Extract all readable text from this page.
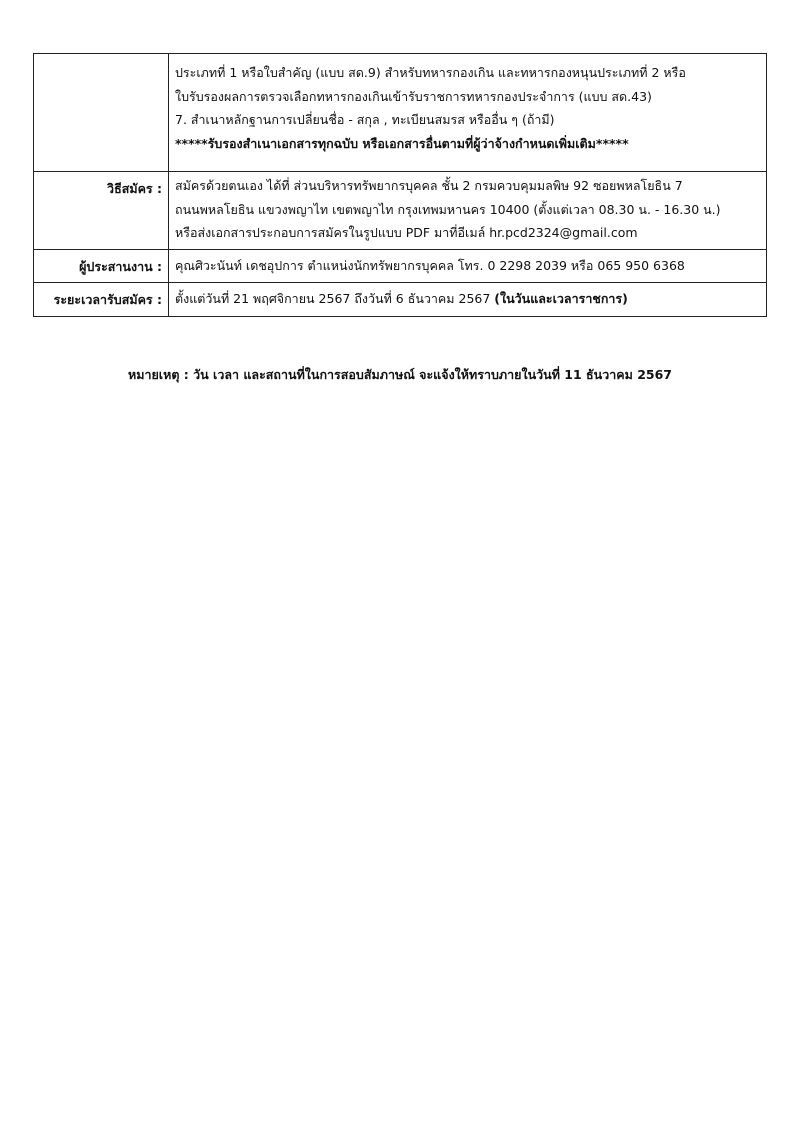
	ประเภทที่ 1 หรือใบสำคัญ (แบบ สด.9) สำหรับทหารกองเกิน และทหารกองหนุนประเภทที่ 2 หรือ
ใบรับรองผลการตรวจเลือกทหารกองเกินเข้ารับราชการทหารกองประจำการ (แบบ สด.43)
7. สำเนาหลักฐานการเปลี่ยนชื่อ - สกุล , ทะเบียนสมรส หรืออื่น ๆ (ถ้ามี)
*****รับรองสำเนาเอกสารทุกฉบับ หรือเอกสารอื่นตามที่ผู้ว่าจ้างกำหนดเพิ่มเติม*****

วิธีสมัคร :	สมัครด้วยตนเอง ได้ที่ ส่วนบริหารทรัพยากรบุคคล ชั้น 2 กรมควบคุมมลพิษ 92 ซอยพหลโยธิน 7
ถนนพหลโยธิน แขวงพญาไท เขตพญาไท กรุงเทพมหานคร 10400 (ตั้งแต่เวลา 08.30 น. - 16.30 น.)
หรือส่งเอกสารประกอบการสมัครในรูปแบบ PDF มาที่อีเมล์ hr.pcd2324@gmail.com

ผู้ประสานงาน :	คุณศิวะนันท์ เดชอุปการ ตำแหน่งนักทรัพยากรบุคคล โทร. 0 2298 2039 หรือ 065 950 6368

ระยะเวลารับสมัคร :	ตั้งแต่วันที่ 21 พฤศจิกายน 2567 ถึงวันที่ 6 ธันวาคม 2567 (ในวันและเวลาราชการ)
หมายเหตุ : วัน เวลา และสถานที่ในการสอบสัมภาษณ์ จะแจ้งให้ทราบภายในวันที่ 11 ธันวาคม 2567
